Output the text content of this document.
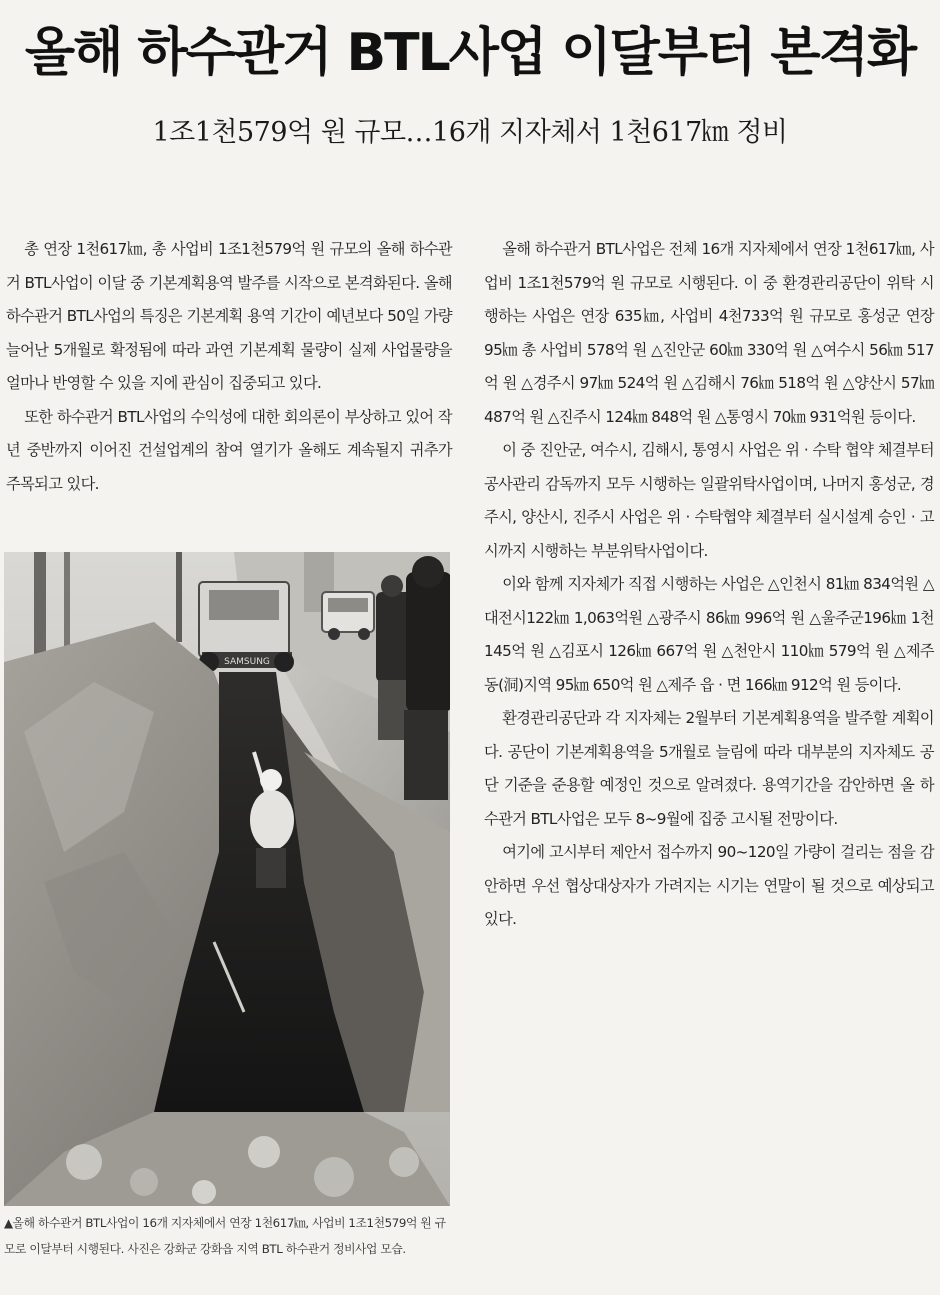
올해 하수관거 BTL사업 이달부터 본격화
1조1천579억 원 규모…16개 지자체서 1천617㎞ 정비

총 연장 1천617㎞, 총 사업비 1조1천579억 원 규모의 올해 하수관거 BTL사업이 이달 중 기본계획용역 발주를 시작으로 본격화된다. 올해 하수관거 BTL사업의 특징은 기본계획 용역 기간이 예년보다 50일 가량 늘어난 5개월로 확정됨에 따라 과연 기본계획 물량이 실제 사업물량을 얼마나 반영할 수 있을 지에 관심이 집중되고 있다.

또한 하수관거 BTL사업의 수익성에 대한 회의론이 부상하고 있어 작년 중반까지 이어진 건설업계의 참여 열기가 올해도 계속될지 귀추가 주목되고 있다.

SAMSUNG
▲올해 하수관거 BTL사업이 16개 지자체에서 연장 1천617㎞, 사업비 1조1천579억 원 규모로 이달부터 시행된다. 사진은 강화군 강화읍 지역 BTL 하수관거 정비사업 모습.

올해 하수관거 BTL사업은 전체 16개 지자체에서 연장 1천617㎞, 사업비 1조1천579억 원 규모로 시행된다. 이 중 환경관리공단이 위탁 시행하는 사업은 연장 635㎞, 사업비 4천733억 원 규모로 홍성군 연장 95㎞ 총 사업비 578억 원 △진안군 60㎞ 330억 원 △여수시 56㎞ 517억 원 △경주시 97㎞ 524억 원 △김해시 76㎞ 518억 원 △양산시 57㎞ 487억 원 △진주시 124㎞ 848억 원 △통영시 70㎞ 931억원 등이다.

이 중 진안군, 여수시, 김해시, 통영시 사업은 위 · 수탁 협약 체결부터 공사관리 감독까지 모두 시행하는 일괄위탁사업이며, 나머지 홍성군, 경주시, 양산시, 진주시 사업은 위 · 수탁협약 체결부터 실시설계 승인 · 고시까지 시행하는 부분위탁사업이다.

이와 함께 지자체가 직접 시행하는 사업은 △인천시 81㎞ 834억원 △대전시122㎞ 1,063억원 △광주시 86㎞ 996억 원 △울주군196㎞ 1천145억 원 △김포시 126㎞ 667억 원 △천안시 110㎞ 579억 원 △제주 동(洞)지역 95㎞ 650억 원 △제주 읍 · 면 166㎞ 912억 원 등이다.

환경관리공단과 각 지자체는 2월부터 기본계획용역을 발주할 계획이다. 공단이 기본계획용역을 5개월로 늘림에 따라 대부분의 지자체도 공단 기준을 준용할 예정인 것으로 알려졌다. 용역기간을 감안하면 올 하수관거 BTL사업은 모두 8~9월에 집중 고시될 전망이다.

여기에 고시부터 제안서 접수까지 90~120일 가량이 걸리는 점을 감안하면 우선 협상대상자가 가려지는 시기는 연말이 될 것으로 예상되고 있다.
